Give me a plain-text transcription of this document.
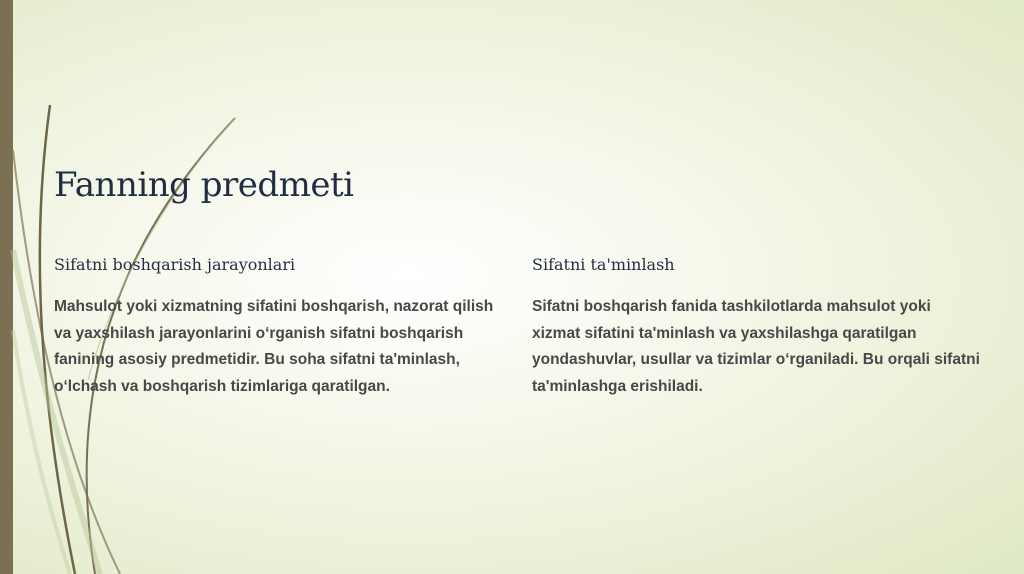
Fanning predmeti
Sifatni boshqarish jarayonlari

Mahsulot yoki xizmatning sifatini boshqarish, nazorat qilish va yaxshilash jarayonlarini o‘rganish sifatni boshqarish fanining asosiy predmetidir. Bu soha sifatni ta'minlash, o‘lchash va boshqarish tizimlariga qaratilgan.

Sifatni ta'minlash

Sifatni boshqarish fanida tashkilotlarda mahsulot yoki xizmat sifatini ta'minlash va yaxshilashga qaratilgan yondashuvlar, usullar va tizimlar o‘rganiladi. Bu orqali sifatni ta'minlashga erishiladi.
